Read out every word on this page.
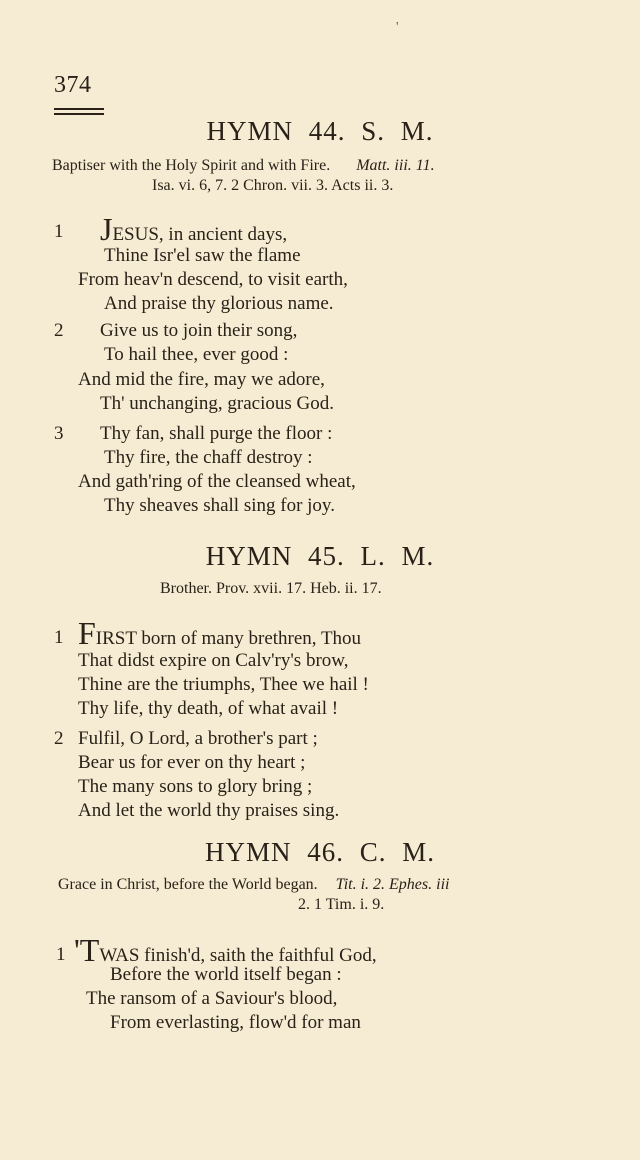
'
374
HYMN 44. S. M.
Baptiser with the Holy Spirit and with Fire. Matt. iii. 11.
Isa. vi. 6, 7. 2 Chron. vii. 3. Acts ii. 3.
1 JESUS, in ancient days,
Thine Isr'el saw the flame
From heav'n descend, to visit earth,
And praise thy glorious name.
2 Give us to join their song,
To hail thee, ever good :
And mid the fire, may we adore,
Th' unchanging, gracious God.
3 Thy fan, shall purge the floor :
Thy fire, the chaff destroy :
And gath'ring of the cleansed wheat,
Thy sheaves shall sing for joy.
HYMN 45. L. M.
Brother. Prov. xvii. 17. Heb. ii. 17.
1 FIRST born of many brethren, Thou
That didst expire on Calv'ry's brow,
Thine are the triumphs, Thee we hail !
Thy life, thy death, of what avail !
2 Fulfil, O Lord, a brother's part ;
Bear us for ever on thy heart ;
The many sons to glory bring ;
And let the world thy praises sing.
HYMN 46. C. M.
Grace in Christ, before the World began. Tit. i. 2. Ephes. iii
2. 1 Tim. i. 9.
1 'TWAS finish'd, saith the faithful God,
Before the world itself began :
The ransom of a Saviour's blood,
From everlasting, flow'd for man
